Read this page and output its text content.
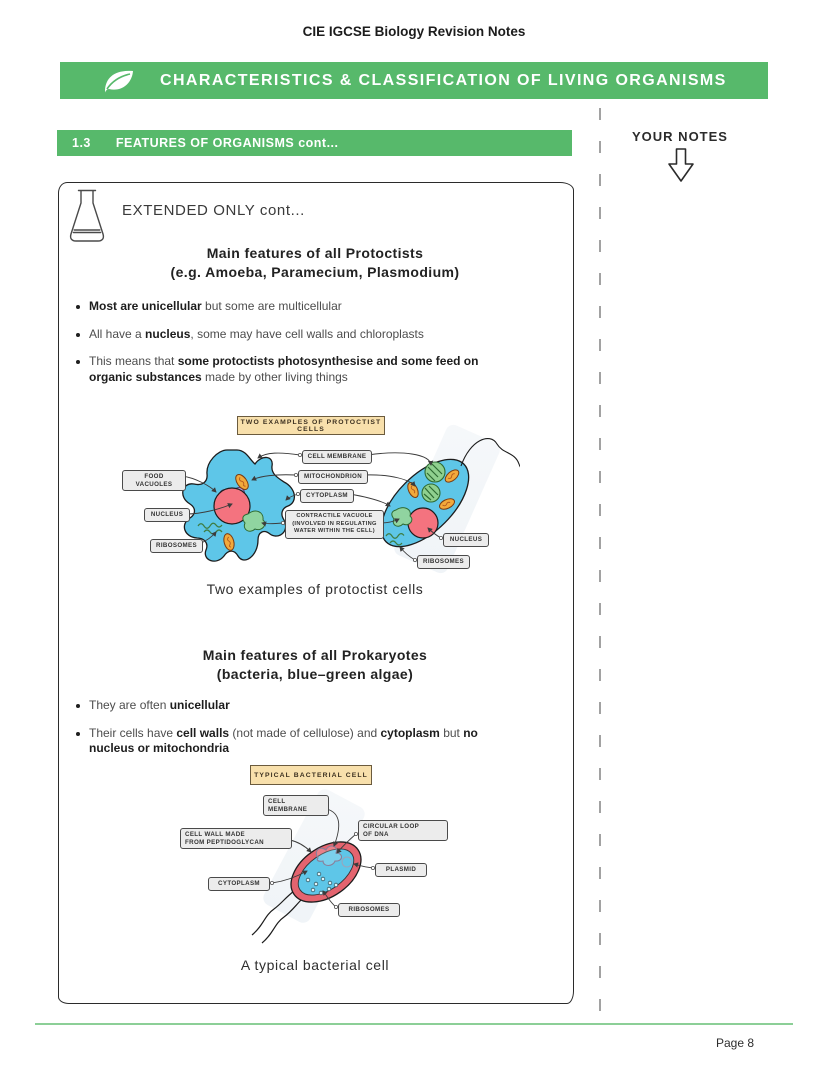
CIE IGCSE Biology Revision Notes
CHARACTERISTICS & CLASSIFICATION OF LIVING ORGANISMS
1.3 FEATURES OF ORGANISMS cont...	YOUR NOTES
EXTENDED ONLY cont...
Main features of all Protoctists
(e.g. Amoeba, Paramecium, Plasmodium)
Most are unicellular but some are multicellular
All have a nucleus, some may have cell walls and chloroplasts
This means that some protoctists photosynthesise and some feed on organic substances made by other living things
TWO EXAMPLES OF PROTOCTIST CELLS
FOOD VACUOLES
NUCLEUS
RIBOSOMES
CELL MEMBRANE
MITOCHONDRION
CYTOPLASM
CONTRACTILE VACUOLE
(INVOLVED IN REGULATING
WATER WITHIN THE CELL)
NUCLEUS
RIBOSOMES
Two examples of protoctist cells
Main features of all Prokaryotes
(bacteria, blue–green algae)
They are often unicellular
Their cells have cell walls (not made of cellulose) and cytoplasm but no nucleus or mitochondria
TYPICAL BACTERIAL CELL
CELL
MEMBRANE
CELL WALL MADE
FROM PEPTIDOGLYCAN
CIRCULAR LOOP
OF DNA
PLASMID
CYTOPLASM
RIBOSOMES
A typical bacterial cell
Page 8
